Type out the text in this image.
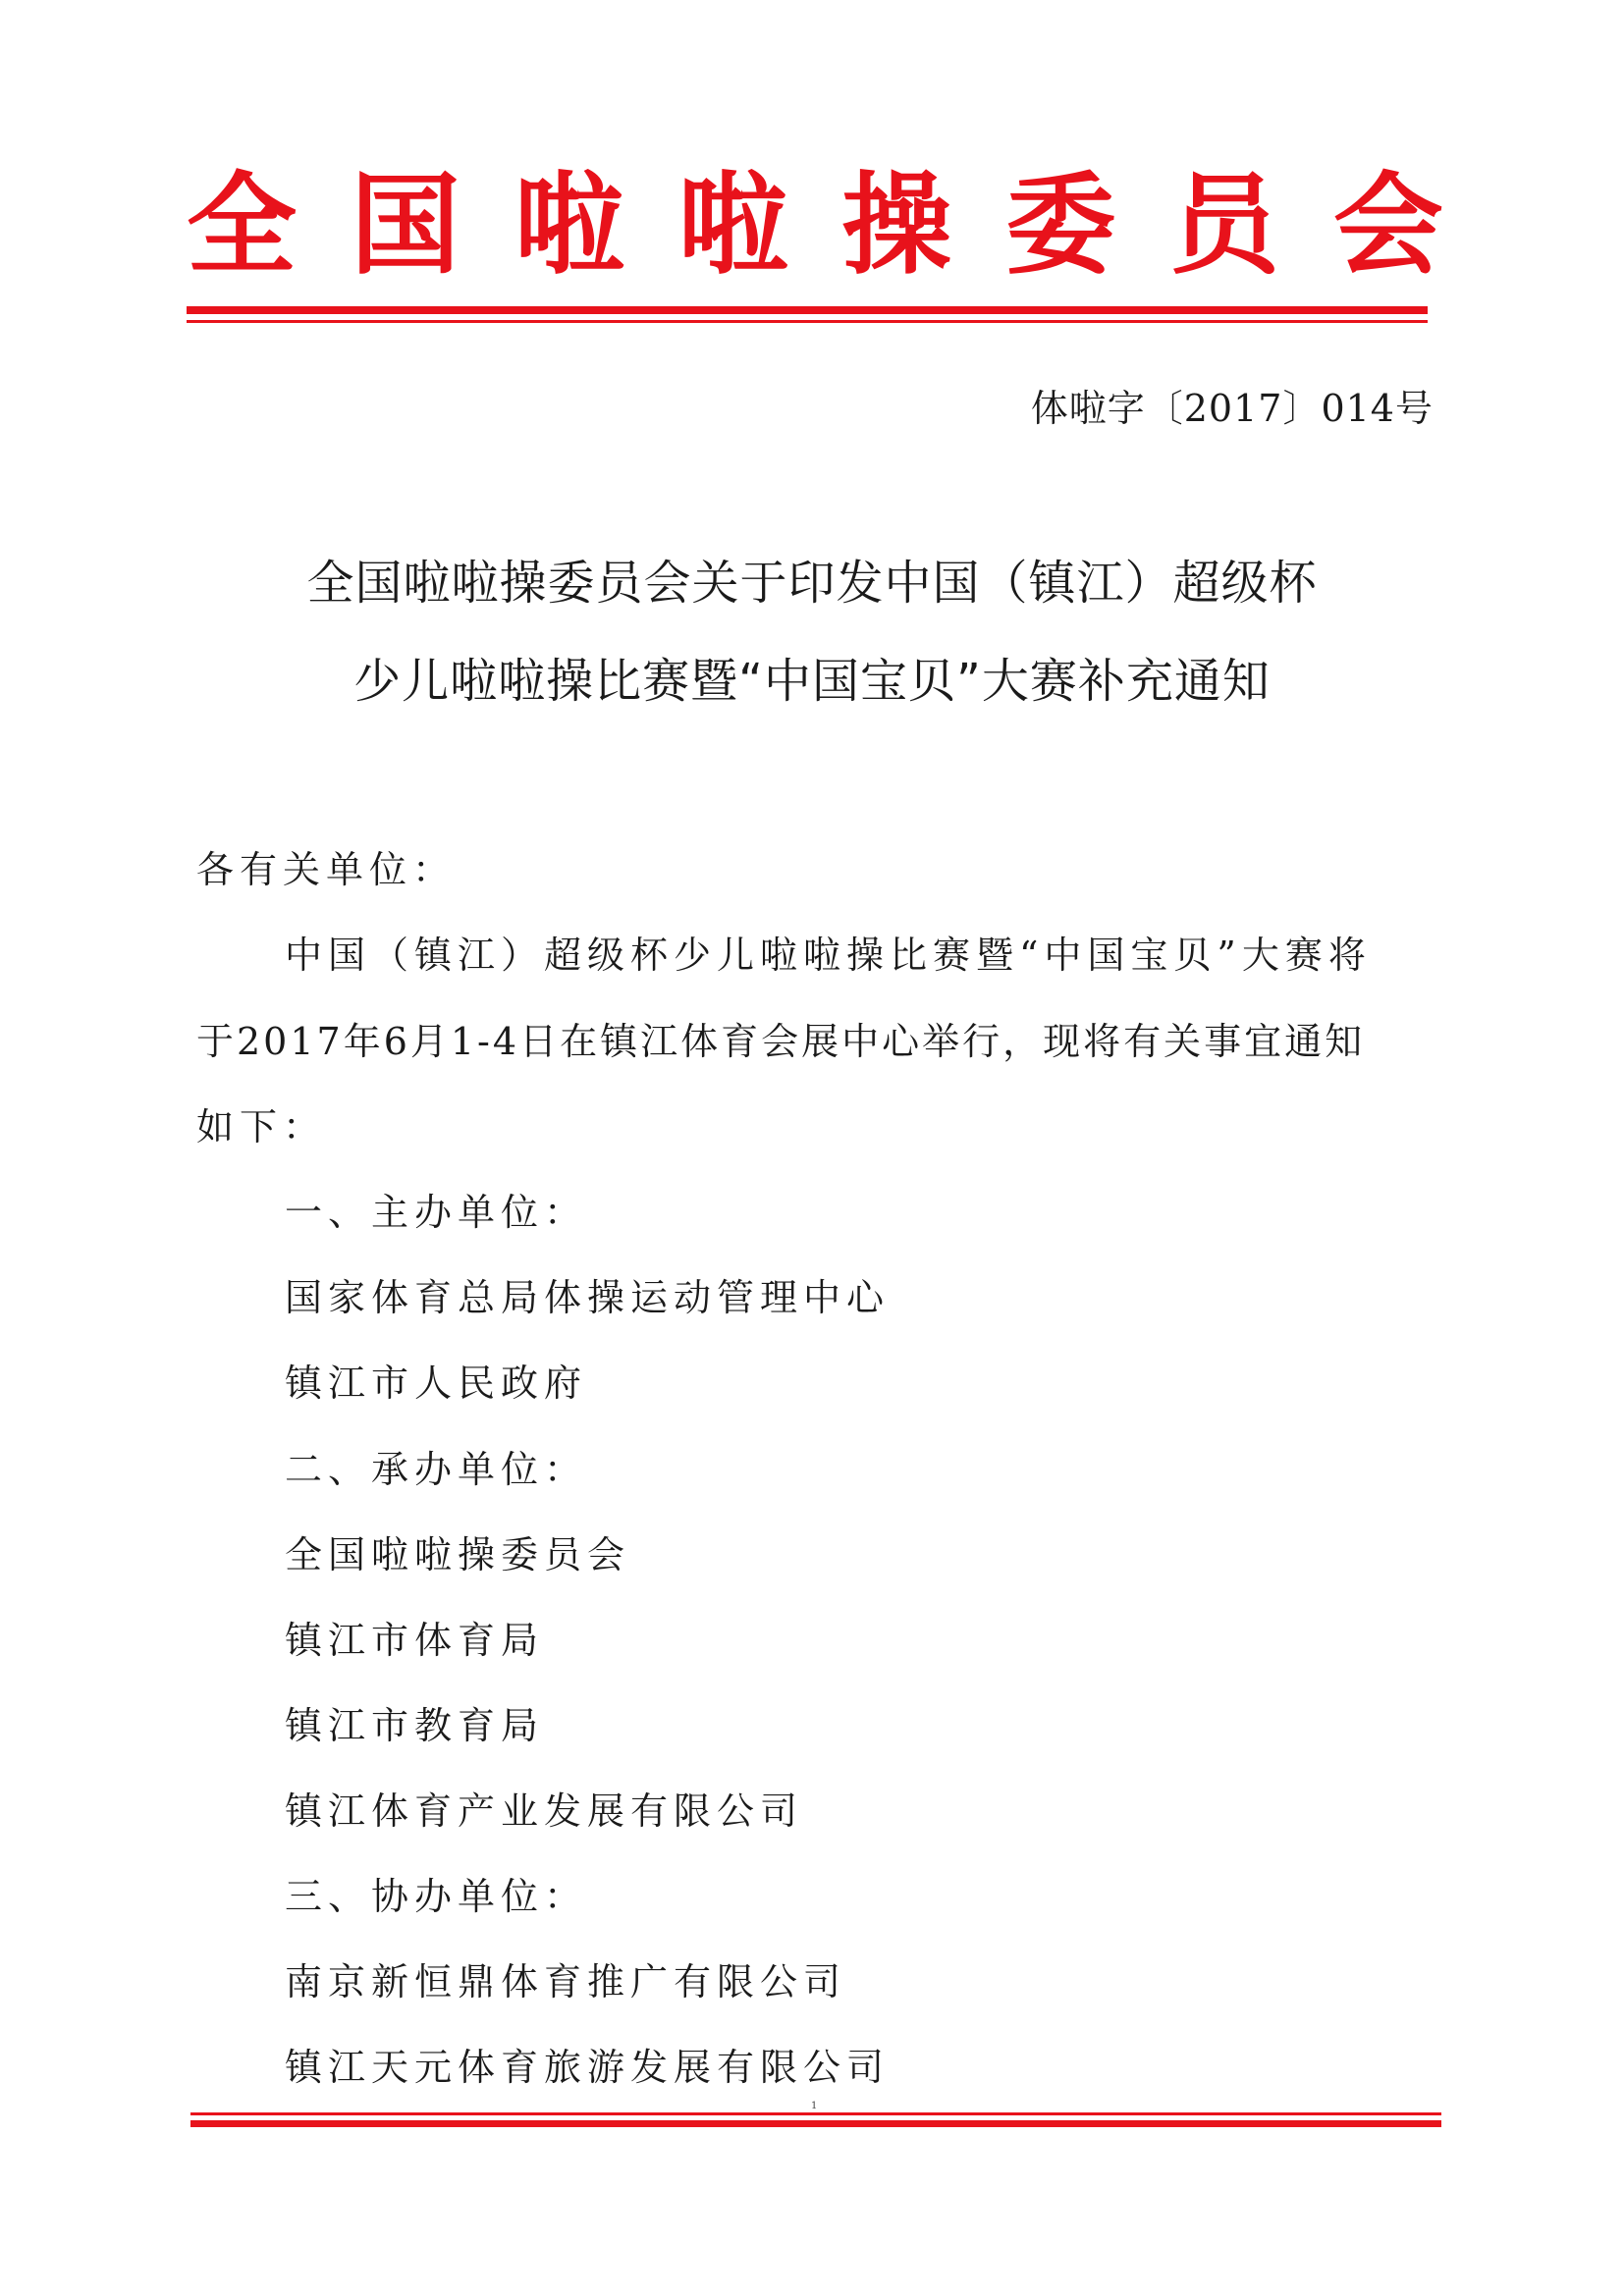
全 国 啦 啦 操 委 员 会
体啦字〔2017〕014号
全国啦啦操委员会关于印发中国（镇江）超级杯
少儿啦啦操比赛暨“中国宝贝”大赛补充通知
各有关单位：
中国（镇江）超级杯少儿啦啦操比赛暨“中国宝贝”大赛将
于2017年6月1-4日在镇江体育会展中心举行，现将有关事宜通知
如下：
一、主办单位：
国家体育总局体操运动管理中心
镇江市人民政府
二、承办单位：
全国啦啦操委员会
镇江市体育局
镇江市教育局
镇江体育产业发展有限公司
三、协办单位：
南京新恒鼎体育推广有限公司
镇江天元体育旅游发展有限公司
1
